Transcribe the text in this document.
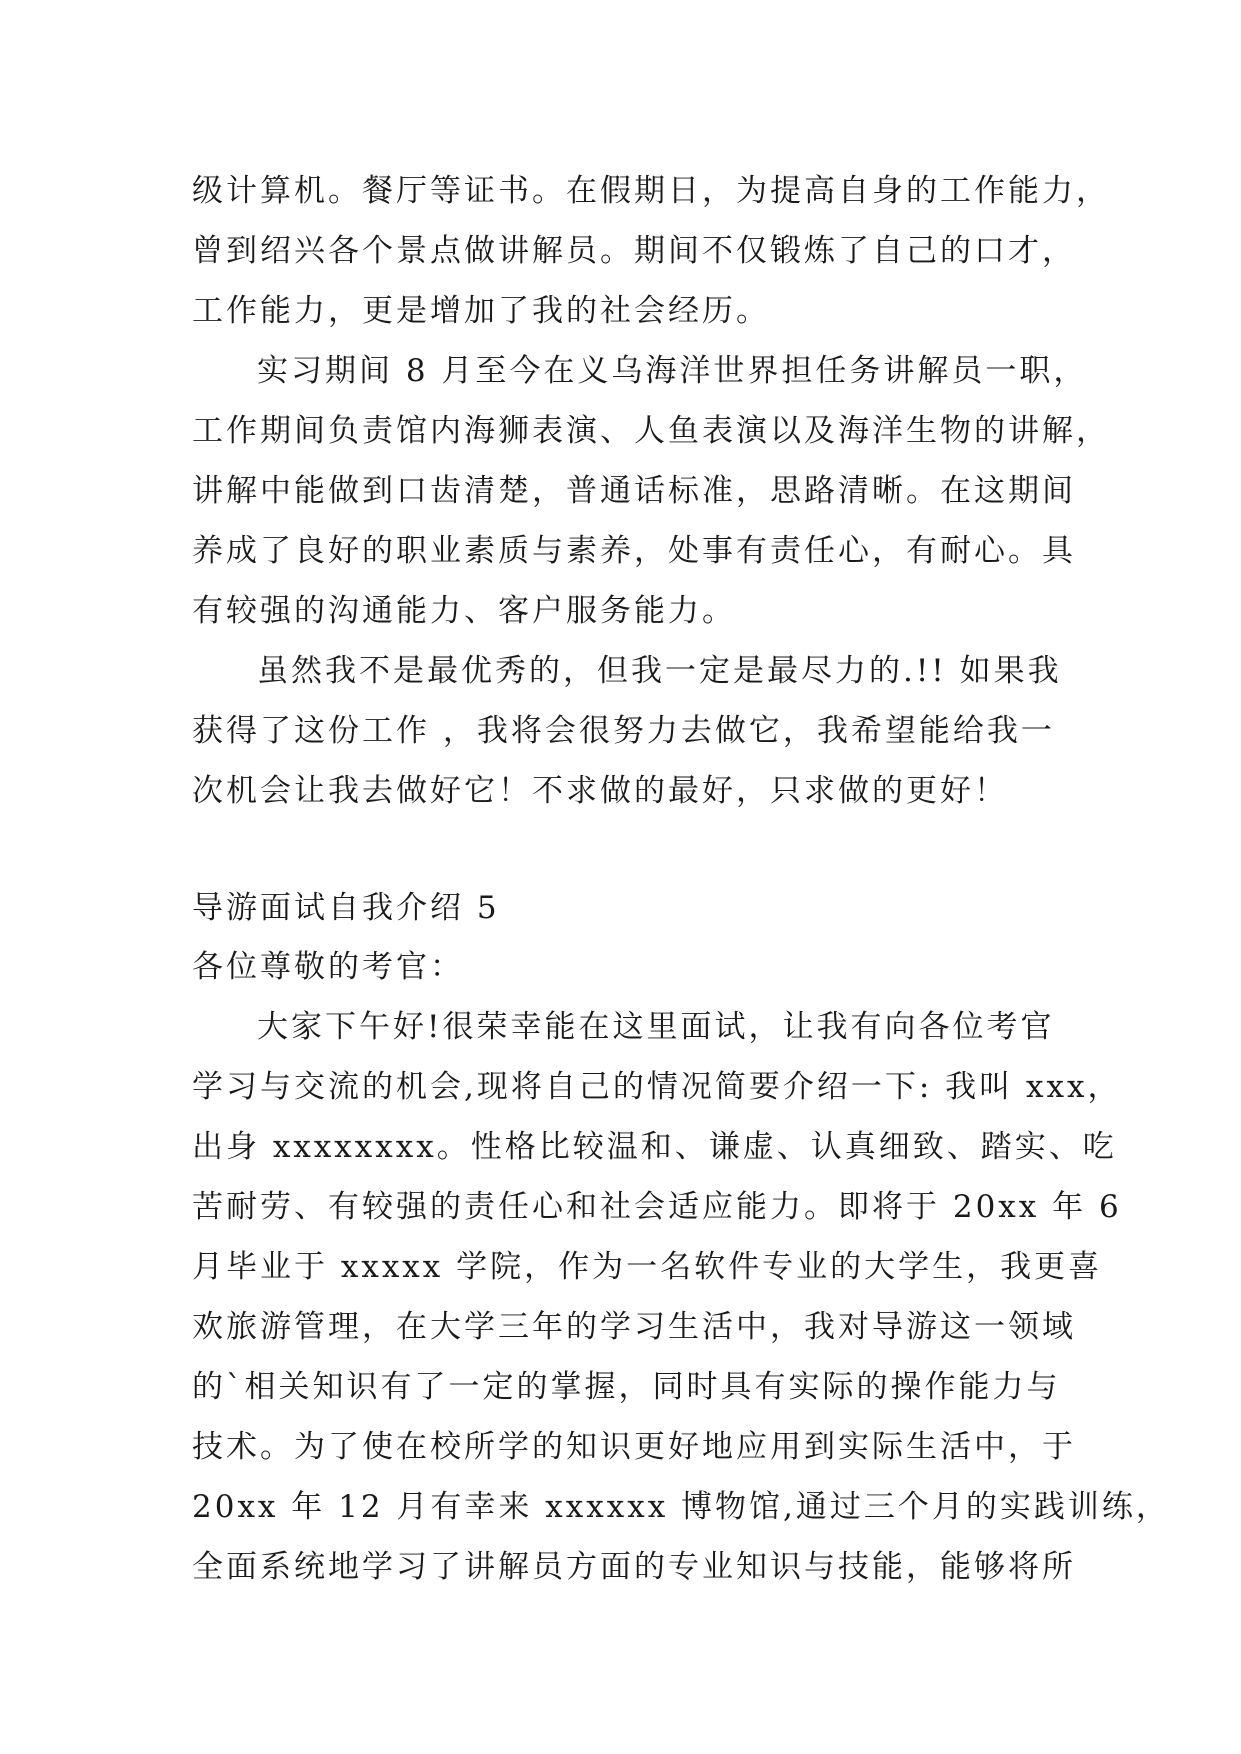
级计算机。餐厅等证书。在假期日，为提高自身的工作能力，
曾到绍兴各个景点做讲解员。期间不仅锻炼了自己的口才，
工作能力，更是增加了我的社会经历。
实习期间 8 月至今在义乌海洋世界担任务讲解员一职，
工作期间负责馆内海狮表演、人鱼表演以及海洋生物的讲解，
讲解中能做到口齿清楚，普通话标准，思路清晰。在这期间
养成了良好的职业素质与素养，处事有责任心，有耐心。具
有较强的沟通能力、客户服务能力。
虽然我不是最优秀的，但我一定是最尽力的.!! 如果我
获得了这份工作 ，我将会很努力去做它，我希望能给我一
次机会让我去做好它！不求做的最好，只求做的更好！
导游面试自我介绍 5
各位尊敬的考官：
大家下午好!很荣幸能在这里面试，让我有向各位考官
学习与交流的机会,现将自己的情况简要介绍一下: 我叫 xxx，
出身 xxxxxxxx。性格比较温和、谦虚、认真细致、踏实、吃
苦耐劳、有较强的责任心和社会适应能力。即将于 20xx 年 6
月毕业于 xxxxx 学院，作为一名软件专业的大学生，我更喜
欢旅游管理，在大学三年的学习生活中，我对导游这一领域
的`相关知识有了一定的掌握，同时具有实际的操作能力与
技术。为了使在校所学的知识更好地应用到实际生活中，于
20xx 年 12 月有幸来 xxxxxx 博物馆,通过三个月的实践训练，
全面系统地学习了讲解员方面的专业知识与技能，能够将所
